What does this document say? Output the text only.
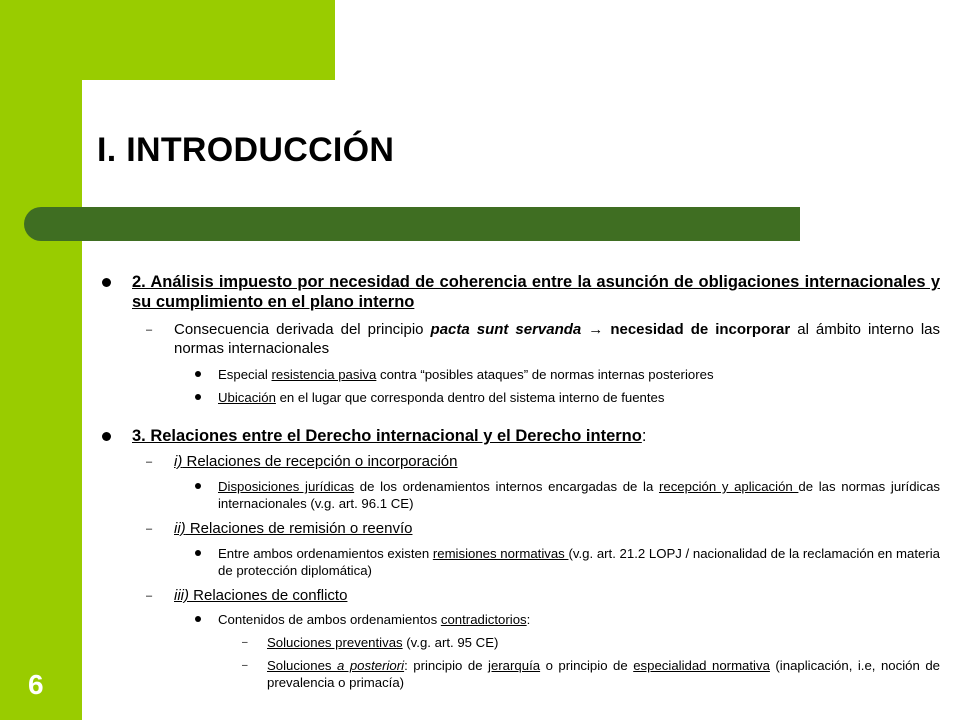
I. INTRODUCCIÓN
6
2. Análisis impuesto por necesidad de coherencia entre la asunción de obligaciones internacionales y su cumplimiento en el plano interno
– Consecuencia derivada del principio pacta sunt servanda → necesidad de incorporar al ámbito interno las normas internacionales
Especial resistencia pasiva contra “posibles ataques” de normas internas posteriores
Ubicación en el lugar que corresponda dentro del sistema interno de fuentes
3. Relaciones entre el Derecho internacional y el Derecho interno:
– i) Relaciones de recepción o incorporación
Disposiciones jurídicas de los ordenamientos internos encargadas de la recepción y aplicación de las normas jurídicas internacionales (v.g. art. 96.1 CE)
– ii) Relaciones de remisión o reenvío
Entre ambos ordenamientos existen remisiones normativas (v.g. art. 21.2 LOPJ / nacionalidad de la reclamación en materia de protección diplomática)
– iii) Relaciones de conflicto
Contenidos de ambos ordenamientos contradictorios:
– Soluciones preventivas (v.g. art. 95 CE)
– Soluciones a posteriori: principio de jerarquía o principio de especialidad normativa (inaplicación, i.e, noción de prevalencia o primacía)
